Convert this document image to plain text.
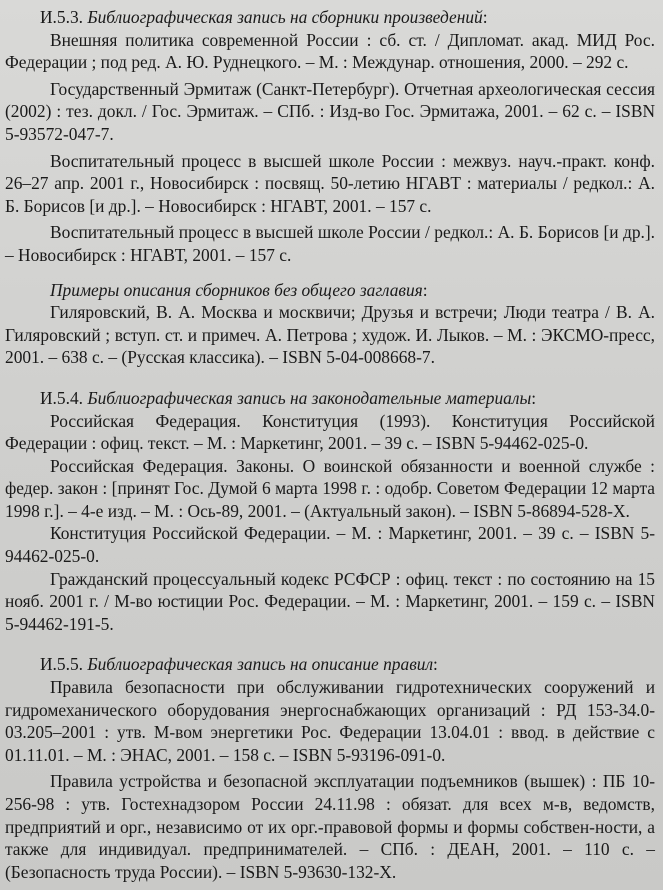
И.5.3. Библиографическая запись на сборники произведений:

Внешняя политика современной России : сб. ст. / Дипломат. акад. МИД Рос. Федерации ; под ред. А. Ю. Руднецкого. – М. : Междунар. отношения, 2000. – 292 с.

Государственный Эрмитаж (Санкт-Петербург). Отчетная археологическая сессия (2002) : тез. докл. / Гос. Эрмитаж. – СПб. : Изд-во Гос. Эрмитажа, 2001. – 62 с. – ISBN 5-93572-047-7.

Воспитательный процесс в высшей школе России : межвуз. науч.-практ. конф. 26–27 апр. 2001 г., Новосибирск : посвящ. 50-летию НГАВТ : материалы / редкол.: А. Б. Борисов [и др.]. – Новосибирск : НГАВТ, 2001. – 157 с.

Воспитательный процесс в высшей школе России / редкол.: А. Б. Борисов [и др.]. – Новосибирск : НГАВТ, 2001. – 157 с.

Примеры описания сборников без общего заглавия:

Гиляровский, В. А. Москва и москвичи; Друзья и встречи; Люди театра / В. А. Гиляровский ; вступ. ст. и примеч. А. Петрова ; худож. И. Лыков. – М. : ЭКСМО-пресс, 2001. – 638 с. – (Русская классика). – ISBN 5-04-008668-7.

И.5.4. Библиографическая запись на законодательные материалы:

Российская Федерация. Конституция (1993). Конституция Российской Федерации : офиц. текст. – М. : Маркетинг, 2001. – 39 с. – ISBN 5-94462-025-0.

Российская Федерация. Законы. О воинской обязанности и военной службе : федер. закон : [принят Гос. Думой 6 марта 1998 г. : одобр. Советом Федерации 12 марта 1998 г.]. – 4-е изд. – М. : Ось-89, 2001. – (Актуальный закон). – ISBN 5-86894-528-X.

Конституция Российской Федерации. – М. : Маркетинг, 2001. – 39 с. – ISBN 5-94462-025-0.

Гражданский процессуальный кодекс РСФСР : офиц. текст : по состоянию на 15 нояб. 2001 г. / М-во юстиции Рос. Федерации. – М. : Маркетинг, 2001. – 159 с. – ISBN 5-94462-191-5.

И.5.5. Библиографическая запись на описание правил:

Правила безопасности при обслуживании гидротехнических сооружений и гидромеханического оборудования энергоснабжающих организаций : РД 153-34.0-03.205–2001 : утв. М-вом энергетики Рос. Федерации 13.04.01 : ввод. в действие с 01.11.01. – М. : ЭНАС, 2001. – 158 с. – ISBN 5-93196-091-0.

Правила устройства и безопасной эксплуатации подъемников (вышек) : ПБ 10-256-98 : утв. Гостехнадзором России 24.11.98 : обязат. для всех м-в, ведомств, предприятий и орг., независимо от их орг.-правовой формы и формы собствен-ности, а также для индивидуал. предпринимателей. – СПб. : ДЕАН, 2001. – 110 с. – (Безопасность труда России). – ISBN 5-93630-132-X.
